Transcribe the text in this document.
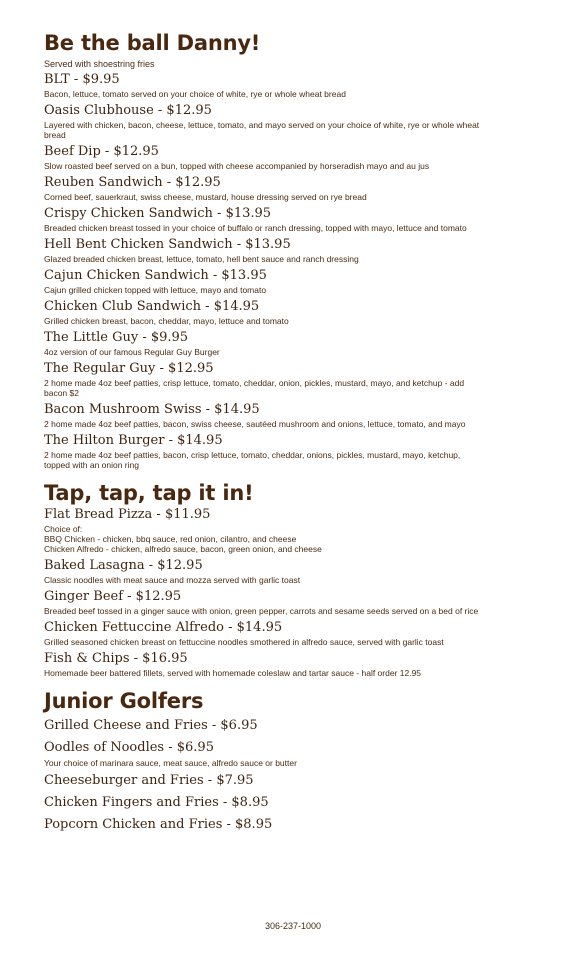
Be the ball Danny!
Served with shoestring fries
BLT - $9.95
Bacon, lettuce, tomato served on your choice of white, rye or whole wheat bread
Oasis Clubhouse - $12.95
Layered with chicken, bacon, cheese, lettuce, tomato, and mayo served on your choice of white, rye or whole wheat
bread
Beef Dip - $12.95
Slow roasted beef served on a bun, topped with cheese accompanied by horseradish mayo and au jus
Reuben Sandwich - $12.95
Corned beef, sauerkraut, swiss cheese, mustard, house dressing served on rye bread
Crispy Chicken Sandwich - $13.95
Breaded chicken breast tossed in your choice of buffalo or ranch dressing, topped with mayo, lettuce and tomato
Hell Bent Chicken Sandwich - $13.95
Glazed breaded chicken breast, lettuce, tomato, hell bent sauce and ranch dressing
Cajun Chicken Sandwich - $13.95
Cajun grilled chicken topped with lettuce, mayo and tomato
Chicken Club Sandwich - $14.95
Grilled chicken breast, bacon, cheddar, mayo, lettuce and tomato
The Little Guy - $9.95
4oz version of our famous Regular Guy Burger
The Regular Guy - $12.95
2 home made 4oz beef patties, crisp lettuce, tomato, cheddar, onion, pickles, mustard, mayo, and ketchup - add
bacon $2
Bacon Mushroom Swiss - $14.95
2 home made 4oz beef patties, bacon, swiss cheese, sautéed mushroom and onions, lettuce, tomato, and mayo
The Hilton Burger - $14.95
2 home made 4oz beef patties, bacon, crisp lettuce, tomato, cheddar, onions, pickles, mustard, mayo, ketchup,
topped with an onion ring
Tap, tap, tap it in!
Flat Bread Pizza - $11.95
Choice of:
BBQ Chicken - chicken, bbq sauce, red onion, cilantro, and cheese
Chicken Alfredo - chicken, alfredo sauce, bacon, green onion, and cheese
Baked Lasagna - $12.95
Classic noodles with meat sauce and mozza served with garlic toast
Ginger Beef - $12.95
Breaded beef tossed in a ginger sauce with onion, green pepper, carrots and sesame seeds served on a bed of rice
Chicken Fettuccine Alfredo - $14.95
Grilled seasoned chicken breast on fettuccine noodles smothered in alfredo sauce, served with garlic toast
Fish & Chips - $16.95
Homemade beer battered fillets, served with homemade coleslaw and tartar sauce - half order 12.95
Junior Golfers
Grilled Cheese and Fries - $6.95
Oodles of Noodles - $6.95
Your choice of marinara sauce, meat sauce, alfredo sauce or butter
Cheeseburger and Fries - $7.95
Chicken Fingers and Fries - $8.95
Popcorn Chicken and Fries - $8.95
306-237-1000
